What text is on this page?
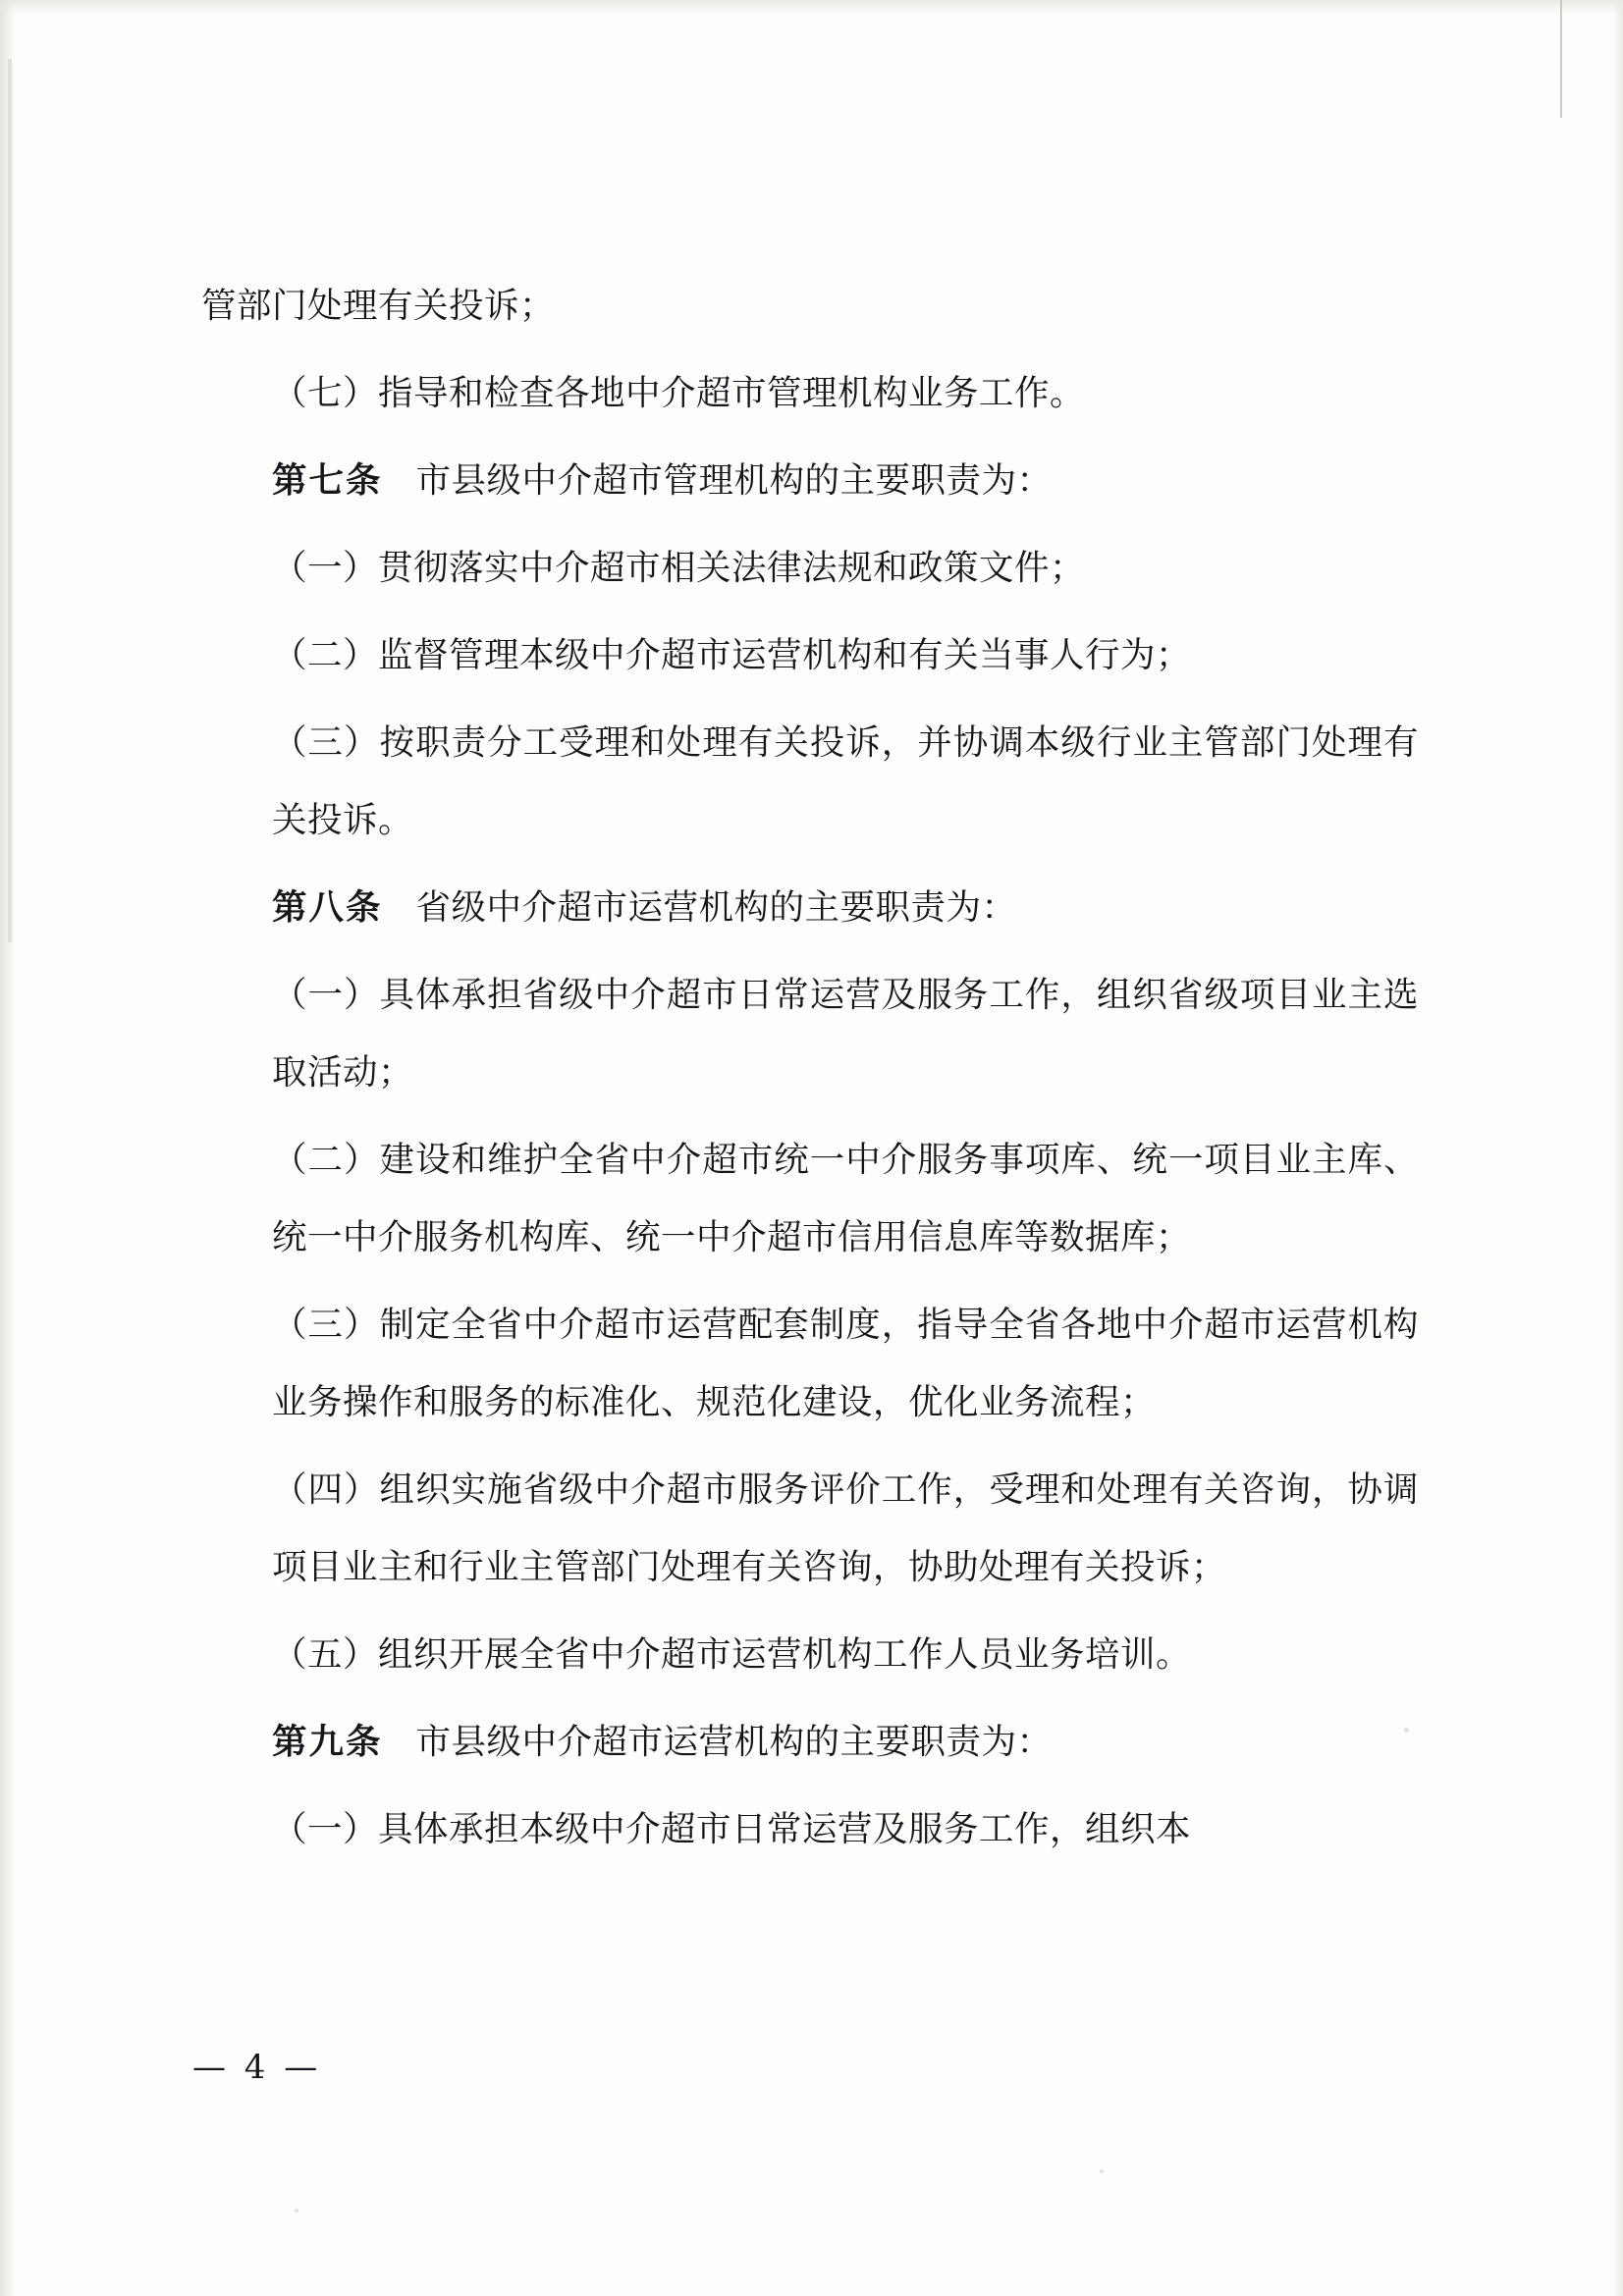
管部门处理有关投诉；

（七）指导和检查各地中介超市管理机构业务工作。

第七条 市县级中介超市管理机构的主要职责为：

（一）贯彻落实中介超市相关法律法规和政策文件；

（二）监督管理本级中介超市运营机构和有关当事人行为；

（三）按职责分工受理和处理有关投诉，并协调本级行业主管部门处理有关投诉。

第八条 省级中介超市运营机构的主要职责为：

（一）具体承担省级中介超市日常运营及服务工作，组织省级项目业主选取活动；

（二）建设和维护全省中介超市统一中介服务事项库、统一项目业主库、统一中介服务机构库、统一中介超市信用信息库等数据库；

（三）制定全省中介超市运营配套制度，指导全省各地中介超市运营机构业务操作和服务的标准化、规范化建设，优化业务流程；

（四）组织实施省级中介超市服务评价工作，受理和处理有关咨询，协调项目业主和行业主管部门处理有关咨询，协助处理有关投诉；

（五）组织开展全省中介超市运营机构工作人员业务培训。

第九条 市县级中介超市运营机构的主要职责为：

（一）具体承担本级中介超市日常运营及服务工作，组织本

— 4 —
